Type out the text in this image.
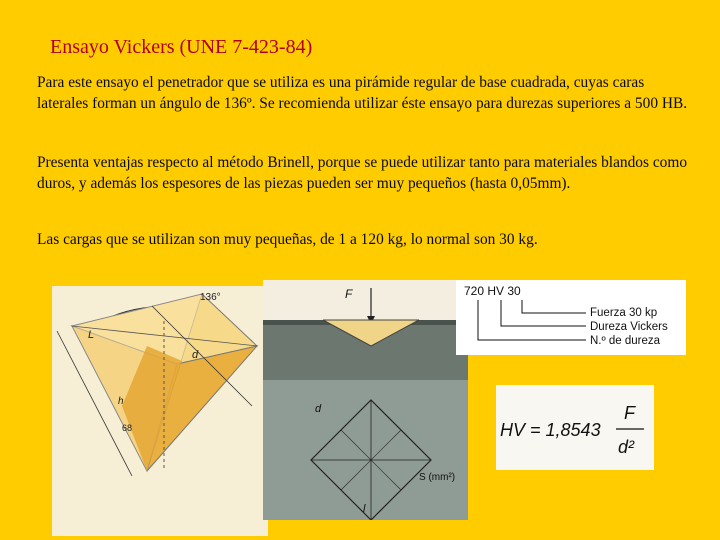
Ensayo Vickers (UNE 7-423-84)

Para este ensayo el penetrador que se utiliza es una pirámide regular de base cuadrada, cuyas caras laterales forman un ángulo de 136º. Se recomienda utilizar éste ensayo para durezas superiores a 500 HB.

Presenta ventajas respecto al método Brinell, porque se puede utilizar tanto para materiales blandos como duros, y además los espesores de las piezas pueden ser muy pequeños (hasta 0,05mm).

Las cargas que se utilizan son muy pequeñas, de 1 a 120 kg, lo normal son 30 kg.

136°
L
d
h
68
F
d
S (mm²)
l
720 HV 30
Fuerza 30 kp
Dureza Vickers
N.º de dureza
HV = 1,8543
F
d²
